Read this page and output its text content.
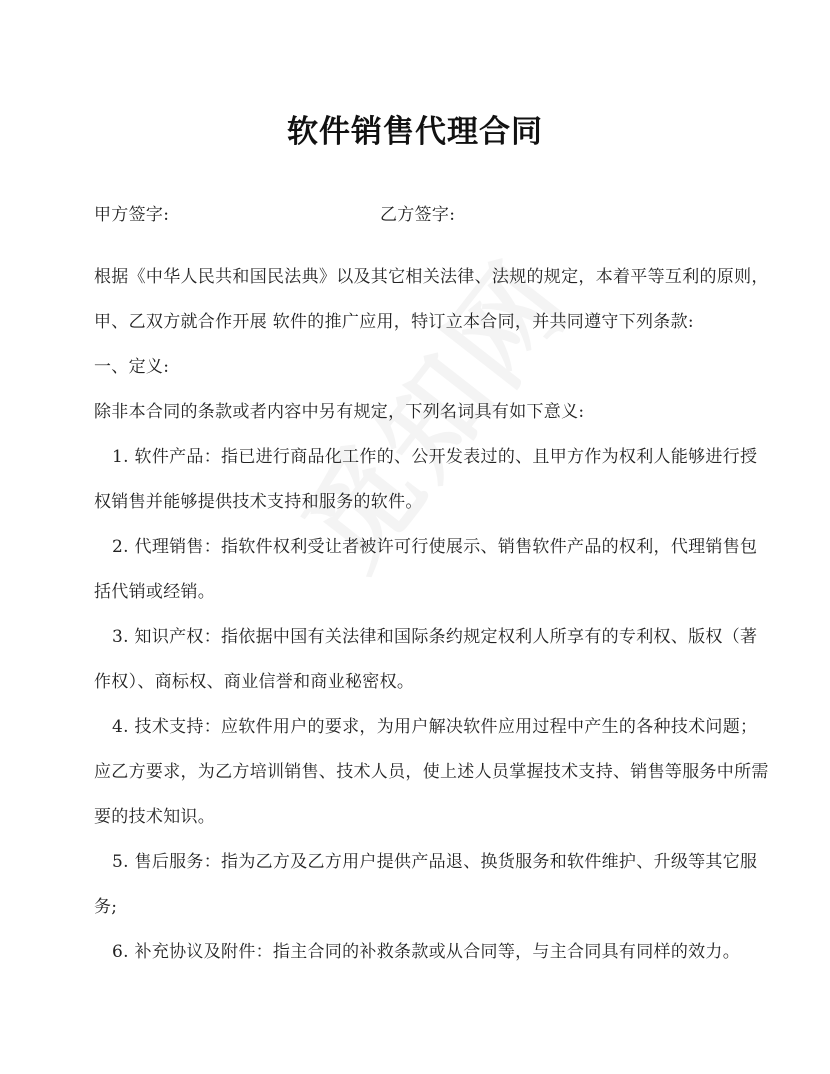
软件销售代理合同
甲方签字:	乙方签字:
根据《中华人民共和国民法典》以及其它相关法律、法规的规定，本着平等互利的原则，
甲、乙双方就合作开展 软件的推广应用，特订立本合同，并共同遵守下列条款:
一、定义:
除非本合同的条款或者内容中另有规定，下列名词具有如下意义:
1. 软件产品：指已进行商品化工作的、公开发表过的、且甲方作为权利人能够进行授
权销售并能够提供技术支持和服务的软件。
2. 代理销售：指软件权利受让者被许可行使展示、销售软件产品的权利，代理销售包
括代销或经销。
3. 知识产权：指依据中国有关法律和国际条约规定权利人所享有的专利权、版权（著
作权）、商标权、商业信誉和商业秘密权。
4. 技术支持：应软件用户的要求，为用户解决软件应用过程中产生的各种技术问题；
应乙方要求，为乙方培训销售、技术人员，使上述人员掌握技术支持、销售等服务中所需
要的技术知识。
5. 售后服务：指为乙方及乙方用户提供产品退、换货服务和软件维护、升级等其它服
务;
6. 补充协议及附件：指主合同的补救条款或从合同等，与主合同具有同样的效力。
